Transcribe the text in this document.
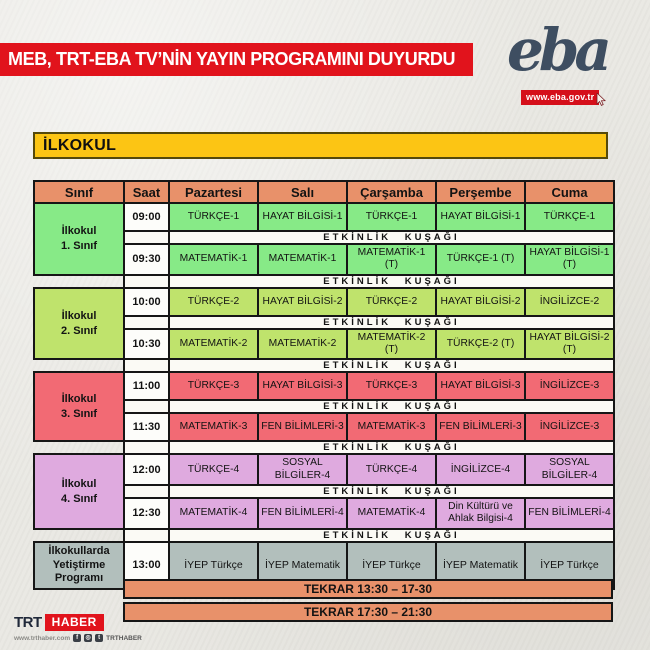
MEB, TRT-EBA TV’NİN YAYIN PROGRAMINI DUYURDU eba
www.eba.gov.tr
İLKOKUL
Sınıf	Saat	Pazartesi	Salı	Çarşamba	Perşembe	Cuma

İlkokul
1. Sınıf	09:00	TÜRKÇE-1	HAYAT BİLGİSİ-1	TÜRKÇE-1	HAYAT BİLGİSİ-1	TÜRKÇE-1
		ETKİNLİK KUŞAĞI				
	09:30	MATEMATİK-1	MATEMATİK-1	MATEMATİK-1 (T)	TÜRKÇE-1 (T)	HAYAT BİLGİSİ-1 (T)
		ETKİNLİK KUŞAĞI				

İlkokul
2. Sınıf	10:00	TÜRKÇE-2	HAYAT BİLGİSİ-2	TÜRKÇE-2	HAYAT BİLGİSİ-2	İNGİLİZCE-2
		ETKİNLİK KUŞAĞI				
	10:30	MATEMATİK-2	MATEMATİK-2	MATEMATİK-2 (T)	TÜRKÇE-2 (T)	HAYAT BİLGİSİ-2 (T)
		ETKİNLİK KUŞAĞI				

İlkokul
3. Sınıf	11:00	TÜRKÇE-3	HAYAT BİLGİSİ-3	TÜRKÇE-3	HAYAT BİLGİSİ-3	İNGİLİZCE-3
		ETKİNLİK KUŞAĞI				
	11:30	MATEMATİK-3	FEN BİLİMLERİ-3	MATEMATİK-3	FEN BİLİMLERİ-3	İNGİLİZCE-3
		ETKİNLİK KUŞAĞI				

İlkokul
4. Sınıf	12:00	TÜRKÇE-4	SOSYAL BİLGİLER-4	TÜRKÇE-4	İNGİLİZCE-4	SOSYAL BİLGİLER-4
		ETKİNLİK KUŞAĞI				
	12:30	MATEMATİK-4	FEN BİLİMLERİ-4	MATEMATİK-4	Din Kültürü ve Ahlak Bilgisi-4	FEN BİLİMLERİ-4
		ETKİNLİK KUŞAĞI				
İlkokullarda Yetiştirme Programı	13:00	İYEP Türkçe	İYEP Matematik	İYEP Türkçe	İYEP Matematik	İYEP Türkçe
TEKRAR 13:30 – 17-30
TEKRAR 17:30 – 21:30
TRT HABER
www.trthaber.com	f	◎	t TRTHABER
